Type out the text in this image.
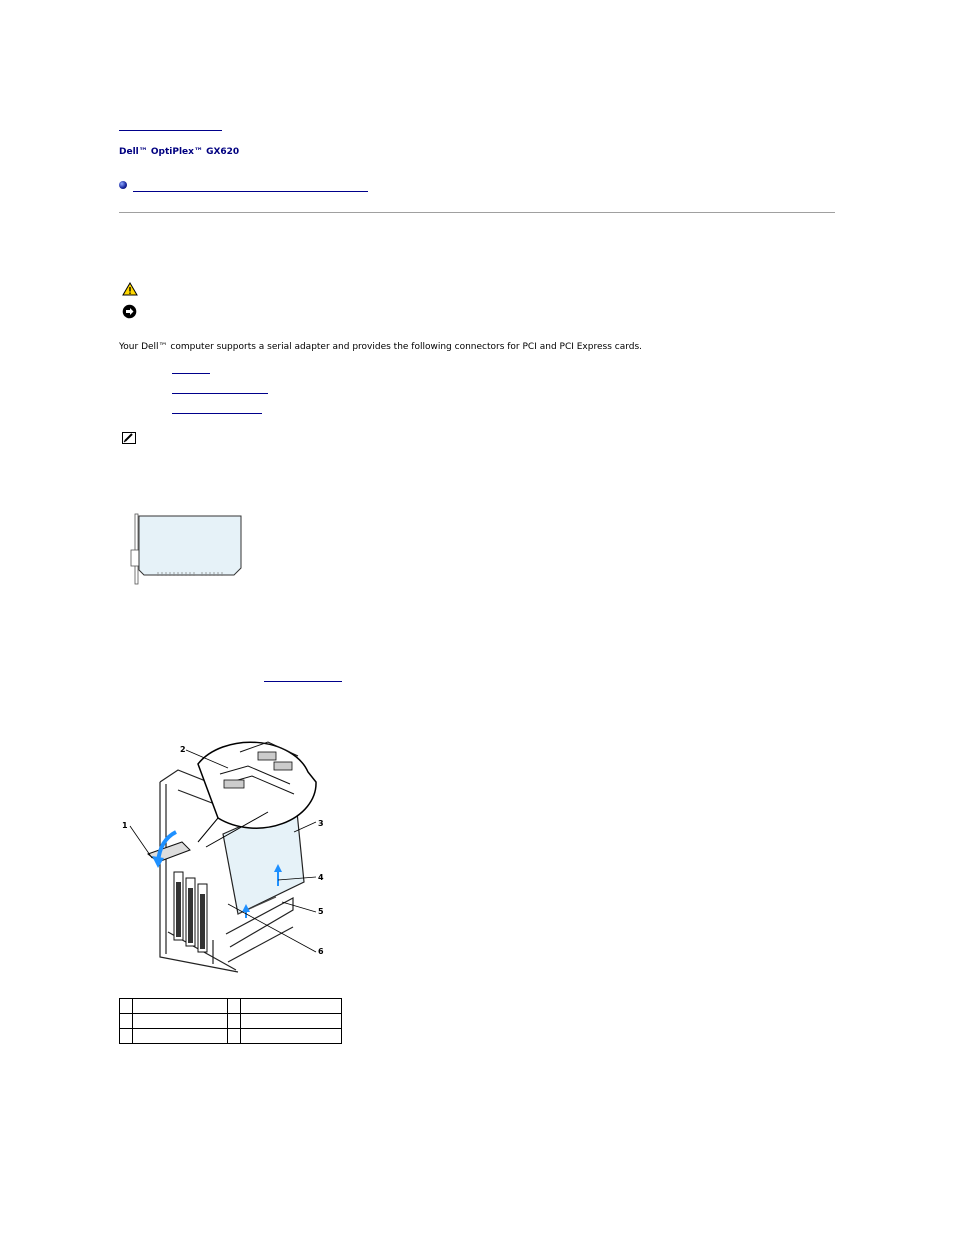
Dell™ OptiPlex™ GX620
Your Dell™ computer supports a serial adapter and provides the following connectors for PCI and PCI Express cards.
1
2
3
4
5
6
